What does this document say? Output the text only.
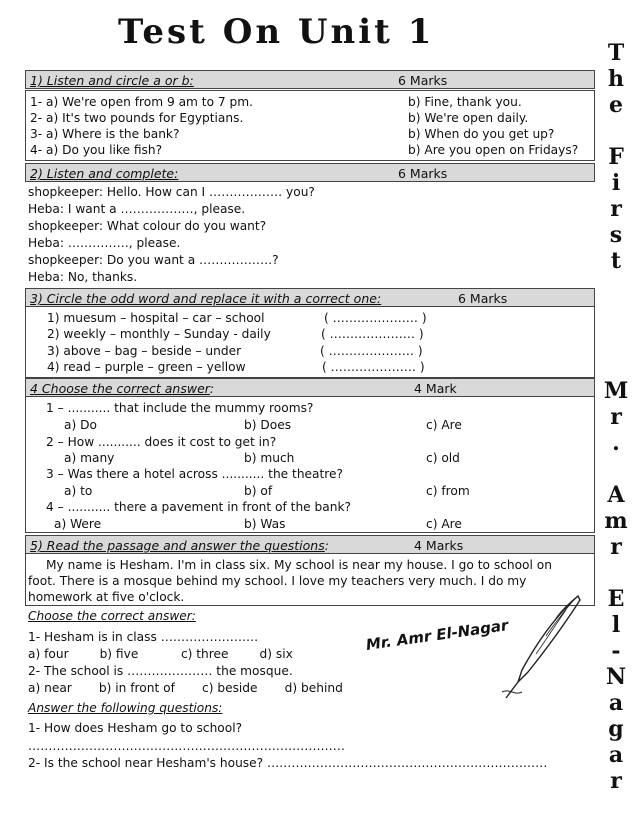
Test On Unit 1
T
h
e

F
i
r
s
t

M
r
.

A
m
r

E
l
-
N
a
g
a
r
1) Listen and circle a or b:	6 Marks
1- a) We're open from 9 am to 7 pm.	b) Fine, thank you.
2- a) It's two pounds for Egyptians.	b) We're open daily.
3- a) Where is the bank?	b) When do you get up?
4- a) Do you like fish?	b) Are you open on Fridays?
2) Listen and complete:	6 Marks
shopkeeper: Hello. How can I ……………… you?
Heba: I want a ………………, please.
shopkeeper: What colour do you want?
Heba: ……………, please.
shopkeeper: Do you want a ………………?
Heba: No, thanks.
3) Circle the odd word and replace it with a correct one:	6 Marks
1) muesum – hospital – car – school	( ………………… )
2) weekly – monthly – Sunday - daily	( ………………… )
3) above – bag – beside – under	( ………………… )
4) read – purple – green – yellow	( ………………… )
4 Choose the correct answer:	4 Mark
1 – ........... that include the mummy rooms?
a) Do	b) Does	c) Are
2 – How ........... does it cost to get in?
a) many	b) much	c) old
3 – Was there a hotel across ........... the theatre?
a) to	b) of	c) from
4 – ........... there a pavement in front of the bank?
a) Were	b) Was	c) Are
5) Read the passage and answer the questions:	4 Marks
My name is Hesham. I'm in class six. My school is near my house. I go to school on
foot. There is a mosque behind my school. I love my teachers very much. I do my
homework at five o'clock.
Choose the correct answer:
1- Hesham is in class ……………………
a) four        b) five           c) three        d) six
2- The school is ………………… the mosque.
a) near       b) in front of       c) beside       d) behind
Answer the following questions:
1- How does Hesham go to school?
……………………………………………………………………
2- Is the school near Hesham's house? ……………………………………………………………
Mr. Amr El-Nagar
